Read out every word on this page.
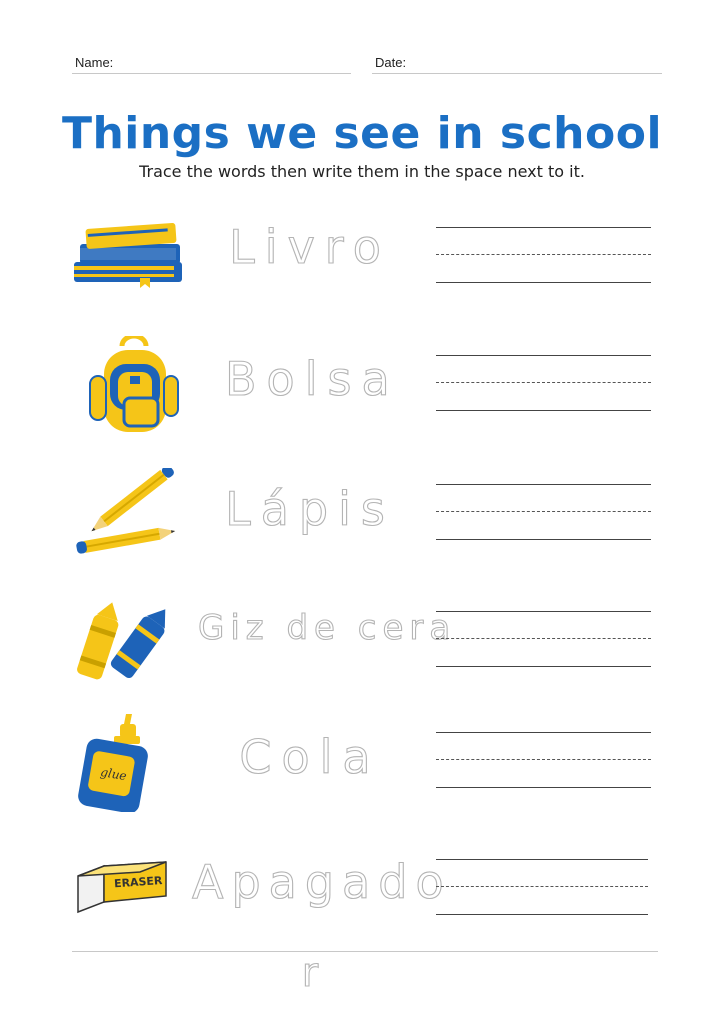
Name:	Date:
Things we see in school
Trace the words then write them in the space next to it.
Livro
Bolsa
Lápis
Giz de cera
glue	Cola
ERASER Apagado
r
